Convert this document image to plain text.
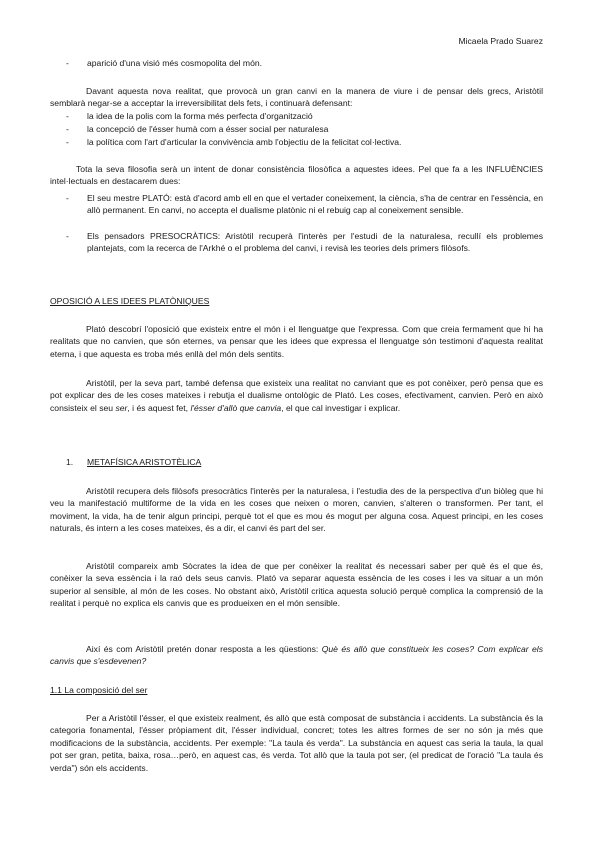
Micaela Prado Suarez
- aparició d'una visió més cosmopolita del món.
Davant aquesta nova realitat, que provocà un gran canvi en la manera de viure i de pensar dels grecs, Aristòtil semblarà negar-se a acceptar la irreversibilitat dels fets, i continuarà defensant:
- la idea de la polis com la forma més perfecta d'organització
- la concepció de l'ésser humà com a ésser social per naturalesa
- la política com l'art d'articular la convivència amb l'objectiu de la felicitat col·lectiva.
Tota la seva filosofia serà un intent de donar consistència filosòfica a aquestes idees. Pel que fa a les INFLUÈNCIES intel·lectuals en destacarem dues:
- El seu mestre PLATÓ: està d'acord amb ell en que el vertader coneixement, la ciència, s'ha de centrar en l'essència, en allò permanent. En canvi, no accepta el dualisme platònic ni el rebuig cap al coneixement sensible.
- Els pensadors PRESOCRÀTICS: Aristòtil recuperà l'interès per l'estudi de la naturalesa, recullí els problemes plantejats, com la recerca de l'Arkhé o el problema del canvi, i revisà les teories dels primers filòsofs.
OPOSICIÓ A LES IDEES PLATÒNIQUES
Plató descobrí l'oposició que existeix entre el món i el llenguatge que l'expressa. Com que creia fermament que hi ha realitats que no canvien, que són eternes, va pensar que les idees que expressa el llenguatge són testimoni d'aquesta realitat eterna, i que aquesta es troba més enllà del món dels sentits.
Aristòtil, per la seva part, també defensa que existeix una realitat no canviant que es pot conèixer, però pensa que es pot explicar des de les coses mateixes i rebutja el dualisme ontològic de Plató. Les coses, efectivament, canvien. Però en això consisteix el seu ser, i és aquest fet, l'ésser d'allò que canvia, el que cal investigar i explicar.
1. METAFÍSICA ARISTOTÈLICA
Aristòtil recupera dels filòsofs presocràtics l'interès per la naturalesa, i l'estudia des de la perspectiva d'un biòleg que hi veu la manifestació multiforme de la vida en les coses que neixen o moren, canvien, s'alteren o transformen. Per tant, el moviment, la vida, ha de tenir algun principi, perquè tot el que es mou és mogut per alguna cosa. Aquest principi, en les coses naturals, és intern a les coses mateixes, és a dir, el canvi és part del ser.
Aristòtil compareix amb Sòcrates la idea de que per conèixer la realitat és necessari saber per què és el que és, conèixer la seva essència i la raó dels seus canvis. Plató va separar aquesta essència de les coses i les va situar a un món superior al sensible, al món de les coses. No obstant això, Aristòtil critica aquesta solució perquè complica la comprensió de la realitat i perquè no explica els canvis que es produeixen en el món sensible.
Així és com Aristòtil pretén donar resposta a les qüestions: Què és allò que constitueix les coses? Com explicar els canvis que s'esdevenen?
1.1 La composició del ser
Per a Aristòtil l'ésser, el que existeix realment, és allò que està composat de substància i accidents. La substància és la categoria fonamental, l'ésser pròpiament dit, l'ésser individual, concret; totes les altres formes de ser no són ja més que modificacions de la substància, accidents. Per exemple: "La taula és verda". La substància en aquest cas seria la taula, la qual pot ser gran, petita, baixa, rosa…però, en aquest cas, és verda. Tot allò que la taula pot ser, (el predicat de l'oració "La taula és verda") són els accidents.
